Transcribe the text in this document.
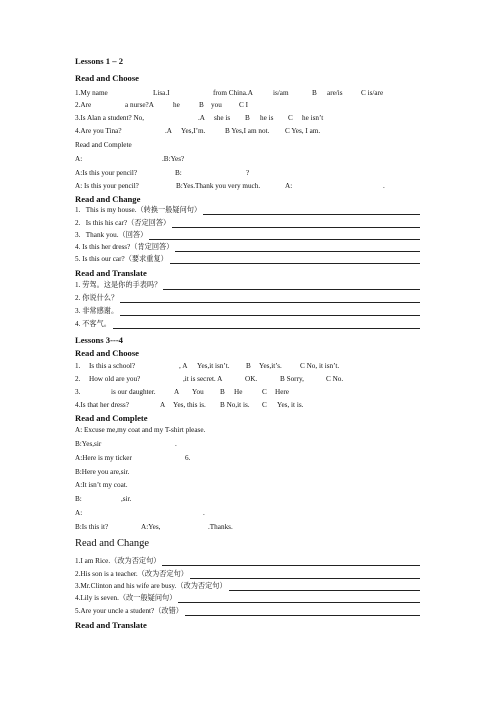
Lessons 1 – 2
Read and Choose
1.My name	Lisa.I	from China.A	is/am	B are/is	C is/are
2.Are	a nurse?A	he	B you C I
3.Is Alan a student? No,	.A she is B he is C he isn’t
4.Are you Tina?	.A Yes,I’m.	B Yes,I am not. C Yes, I am.
Read and Complete
A:	.B:Yes?
A:Is this your pencil?	B:	?
A: Is this your pencil?	B:Yes.Thank you very much.	A:	.
Read and Change
1.   This is my house.（转换一般疑问句）
2.   Is this his car?（否定回答）
3.   Thank you.（回答）
4. Is this her dress?（肯定回答）
5. Is this our car?（要求重复）
Read and Translate
1. 劳驾。这是你的手表吗？
2. 你说什么？
3. 非常感谢。
4. 不客气。
Lessons 3---4
Read and Choose
1. Is this a school?	, A Yes,it isn’t. B Yes,it’s.	C No, it isn’t.
2. How old are you?	,it is secret. A	OK.	B Sorry,	C No.
3.	is our daughter.	A You B He	C Here
4.Is that her dress?	A Yes, this is. B No,it is. C Yes, it is.
Read and Complete
A: Excuse me,my coat and my T-shirt please.
B:Yes,sir	.
A:Here is my ticker	6.
B:Here you are,sir.
A:It isn’t my coat.
B:	,sir.
A:	.
B:Is this it?	A:Yes,	.Thanks.
Read and Change
1.I am Rice.（改为否定句）
2.His son is a teacher.（改为否定句）
3.Mr.Clinton and his wife are busy.（改为否定句）
4.Lily is seven.（改一般疑问句）
5.Are your uncle a student?（改错）
Read and Translate
